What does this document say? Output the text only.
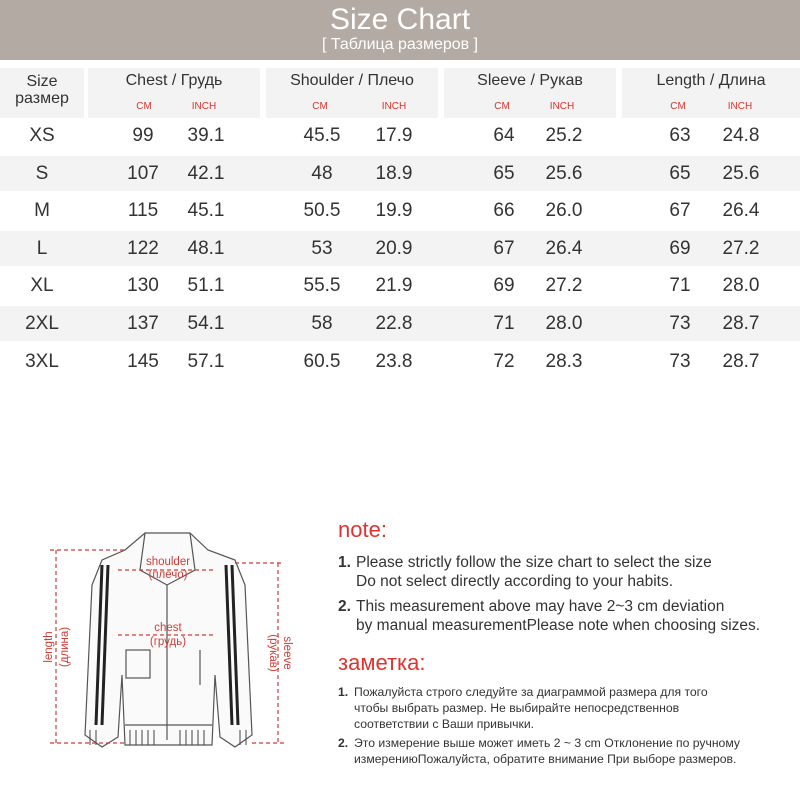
Size Chart
[ Таблица размеров ]
Size
размер
Chest / Грудь
CM	INCH
Shoulder / Плечо
CM	INCH
Sleeve / Рукав
CM	INCH
Length / Длина
CM	INCH
XS	99	39.1	45.5	17.9	64	25.2	63	24.8
S	107	42.1	48	18.9	65	25.6	65	25.6
M	115	45.1	50.5	19.9	66	26.0	67	26.4
L	122	48.1	53	20.9	67	26.4	69	27.2
XL	130	51.1	55.5	21.9	69	27.2	71	28.0
2XL	137	54.1	58	22.8	71	28.0	73	28.7
3XL	145	57.1	60.5	23.8	72	28.3	73	28.7
shoulder
(плечо)
chest
(грудь)
length (длина)	(рукав) sleeve
note:
1. Please strictly follow the size chart to select the size
Do not select directly according to your habits.
2. This measurement above may have 2~3 cm deviation
by manual measurementPlease note when choosing sizes.
заметка:
1. Пожалуйста строго следуйте за диаграммой размера для того
чтобы выбрать размер. Не выбирайте непосредственнов
соответствии с Ваши привычки.
2. Это измерение выше может иметь 2 ~ 3 cm Отклонение по ручному
измерениюПожалуйста, обратите внимание При выборе размеров.
